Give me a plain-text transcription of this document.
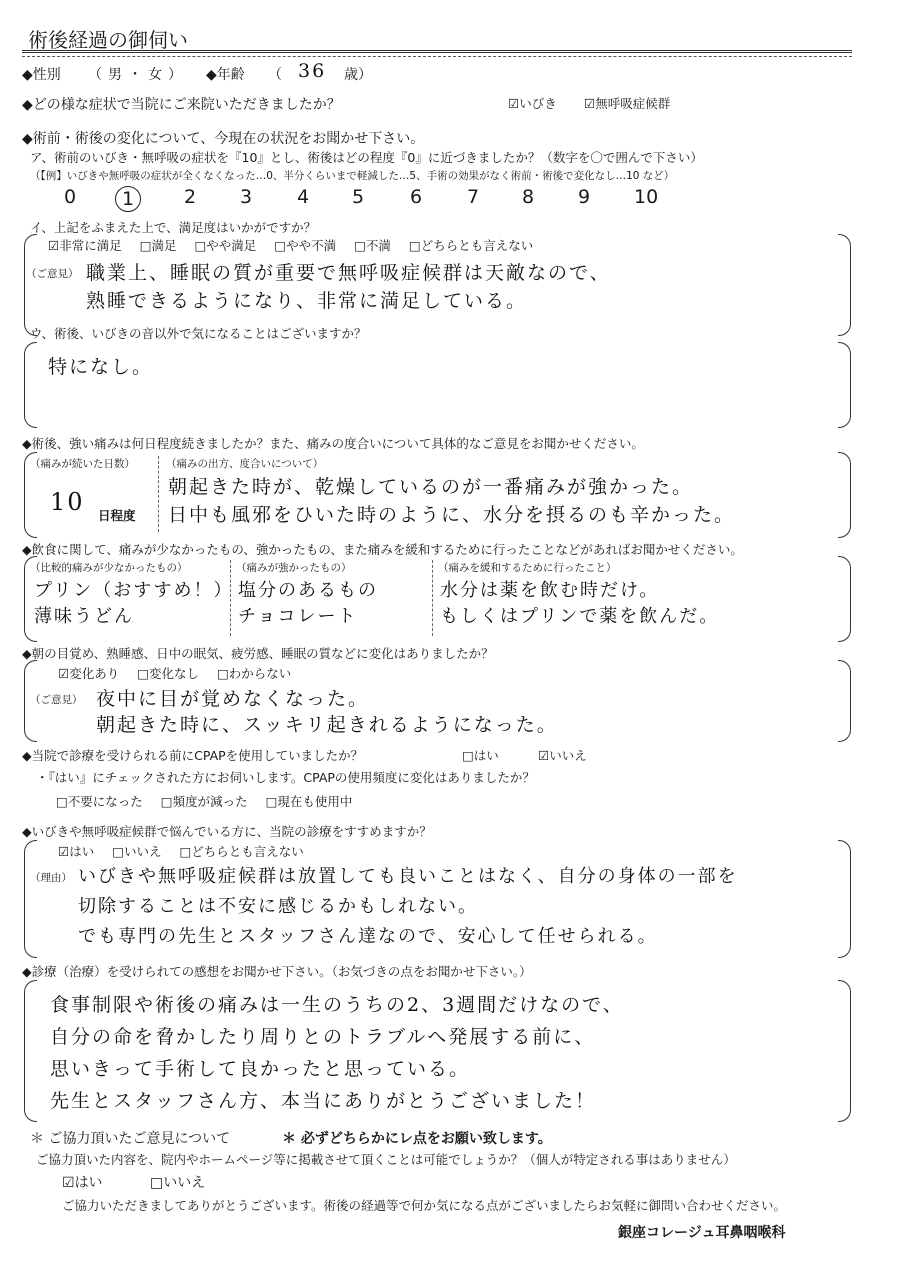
術後経過の御伺い
◆性別 （男・女） ◆年齢 （ 36 歳）
◆どの様な症状で当院にご来院いただきましたか？	☑いびき ☑無呼吸症候群
◆術前・術後の変化について、今現在の状況をお聞かせ下さい。
ア、術前のいびき・無呼吸の症状を『10』とし、術後はどの程度『0』に近づきましたか？（数字を〇で囲んで下さい）
（【例】いびきや無呼吸の症状が全くなくなった…0、半分くらいまで軽減した…5、手術の効果がなく術前・術後で変化なし…10 など）
0 1	2 3 4 5 6 7 8 9 10
イ、上記をふまえた上で、満足度はいかがですか？
☑非常に満足 □満足 □やや満足 □やや不満 □不満 □どちらとも言えない
（ご意見） 職業上、睡眠の質が重要で無呼吸症候群は天敵なので、
熟睡できるようになり、非常に満足している。
ウ、術後、いびきの音以外で気になることはございますか？
特になし。
◆術後、強い痛みは何日程度続きましたか？また、痛みの度合いについて具体的なご意見をお聞かせください。
（痛みが続いた日数）
10 日程度
（痛みの出方、度合いについて）
朝起きた時が、乾燥しているのが一番痛みが強かった。
日中も風邪をひいた時のように、水分を摂るのも辛かった。
◆飲食に関して、痛みが少なかったもの、強かったもの、また痛みを緩和するために行ったことなどがあればお聞かせください。
（比較的痛みが少なかったもの）
プリン（おすすめ！）
薄味うどん
（痛みが強かったもの）
塩分のあるもの
チョコレート
（痛みを緩和するために行ったこと）
水分は薬を飲む時だけ。
もしくはプリンで薬を飲んだ。
◆朝の目覚め、熟睡感、日中の眠気、疲労感、睡眠の質などに変化はありましたか？
☑変化あり □変化なし □わからない
（ご意見） 夜中に目が覚めなくなった。
朝起きた時に、スッキリ起きれるようになった。
◆当院で診療を受けられる前にCPAPを使用していましたか？	□はい	☑いいえ
・『はい』にチェックされた方にお伺いします。CPAPの使用頻度に変化はありましたか？
□不要になった □頻度が減った □現在も使用中
◆いびきや無呼吸症候群で悩んでいる方に、当院の診療をすすめますか？
☑はい □いいえ □どちらとも言えない
（理由） いびきや無呼吸症候群は放置しても良いことはなく、自分の身体の一部を
切除することは不安に感じるかもしれない。
でも専門の先生とスタッフさん達なので、安心して任せられる。
◆診療（治療）を受けられての感想をお聞かせ下さい。（お気づきの点をお聞かせ下さい。）
食事制限や術後の痛みは一生のうちの2、3週間だけなので、
自分の命を脅かしたり周りとのトラブルへ発展する前に、
思いきって手術して良かったと思っている。
先生とスタッフさん方、本当にありがとうございました！
＊ ご協力頂いたご意見について	＊ 必ずどちらかにレ点をお願い致します。
ご協力頂いた内容を、院内やホームページ等に掲載させて頂くことは可能でしょうか？（個人が特定される事はありません）
☑はい	□いいえ
ご協力いただきましてありがとうございます。術後の経過等で何か気になる点がございましたらお気軽に御問い合わせください。
銀座コレージュ耳鼻咽喉科
